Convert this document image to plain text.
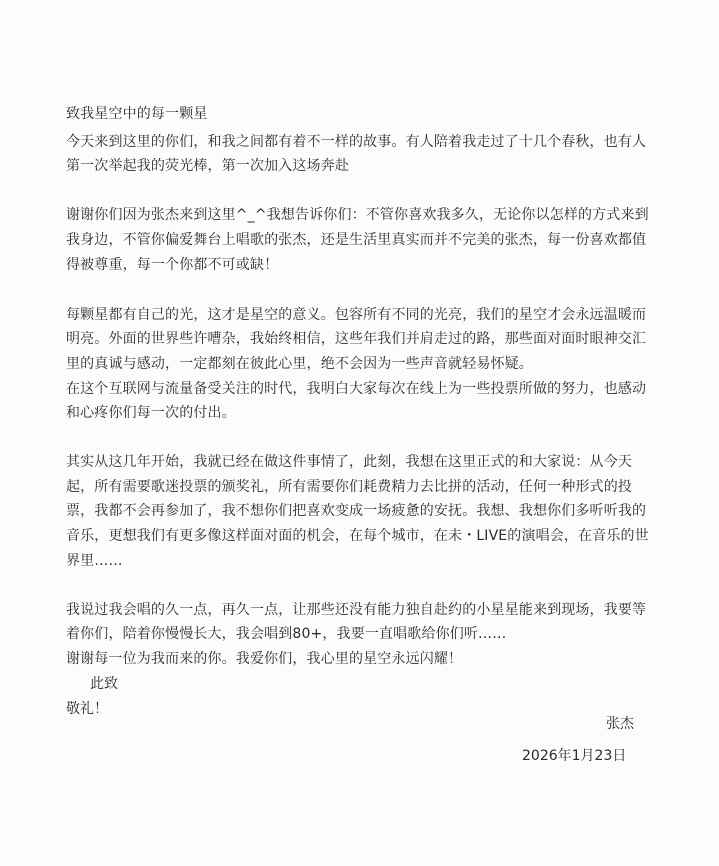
致我星空中的每一颗星

今天来到这里的你们，和我之间都有着不一样的故事。有人陪着我走过了十几个春秋，也有人

第一次举起我的荧光棒，第一次加入这场奔赴

谢谢你们因为张杰来到这里^_^我想告诉你们：不管你喜欢我多久，无论你以怎样的方式来到

我身边，不管你偏爱舞台上唱歌的张杰，还是生活里真实而并不完美的张杰，每一份喜欢都值

得被尊重，每一个你都不可或缺！

每颗星都有自己的光，这才是星空的意义。包容所有不同的光亮，我们的星空才会永远温暖而

明亮。外面的世界些许嘈杂，我始终相信，这些年我们并肩走过的路，那些面对面时眼神交汇

里的真诚与感动，一定都刻在彼此心里，绝不会因为一些声音就轻易怀疑。

在这个互联网与流量备受关注的时代，我明白大家每次在线上为一些投票所做的努力，也感动

和心疼你们每一次的付出。

其实从这几年开始，我就已经在做这件事情了，此刻，我想在这里正式的和大家说：从今天

起，所有需要歌迷投票的颁奖礼，所有需要你们耗费精力去比拼的活动，任何一种形式的投

票，我都不会再参加了，我不想你们把喜欢变成一场疲惫的安抚。我想、我想你们多听听我的

音乐，更想我们有更多像这样面对面的机会，在每个城市，在未・LIVE的演唱会，在音乐的世

界里……

我说过我会唱的久一点，再久一点，让那些还没有能力独自赴约的小星星能来到现场，我要等

着你们，陪着你慢慢长大，我会唱到80+，我要一直唱歌给你们听……

谢谢每一位为我而来的你。我爱你们，我心里的星空永远闪耀！

此致

敬礼！

张杰

2026年1月23日
